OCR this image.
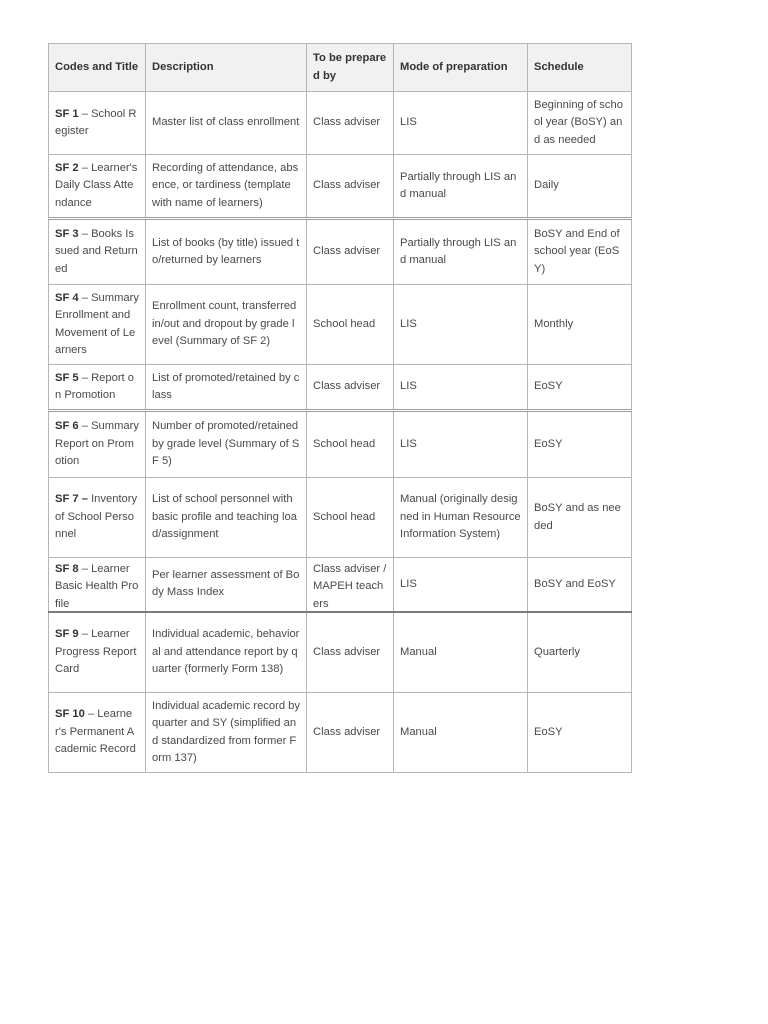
Codes and Title	Description	To be prepared by	Mode of preparation	Schedule
SF 1 – School Register	Master list of class enrollment	Class adviser	LIS	Beginning of school year (BoSY) and as needed
SF 2 – Learner's Daily Class Attendance	Recording of attendance, absence, or tardiness (template with name of learners)	Class adviser	Partially through LIS and manual	Daily
SF 3 – Books Issued and Returned	List of books (by title) issued to/returned by learners	Class adviser	Partially through LIS and manual	BoSY and End of school year (EoSY)
SF 4 – Summary Enrollment and Movement of Learners	Enrollment count, transferred in/out and dropout by grade level (Summary of SF 2)	School head	LIS	Monthly
SF 5 – Report on Promotion	List of promoted/retained by class	Class adviser	LIS	EoSY
SF 6 – Summary Report on Promotion	Number of promoted/retained by grade level (Summary of SF 5)	School head	LIS	EoSY
SF 7 – Inventory of School Personnel	List of school personnel with basic profile and teaching load/assignment	School head	Manual (originally designed in Human Resource Information System)	BoSY and as needed

SF 8 – Learner Basic Health Profile	Per learner assessment of Body Mass Index	Class adviser / MAPEH teachers	LIS	BoSY and EoSY
SF 9 – Learner Progress Report Card	Individual academic, behavioral and attendance report by quarter (formerly Form 138)	Class adviser	Manual	Quarterly
SF 10 – Learner's Permanent Academic Record	Individual academic record by quarter and SY (simplified and standardized from former Form 137)	Class adviser	Manual	EoSY
